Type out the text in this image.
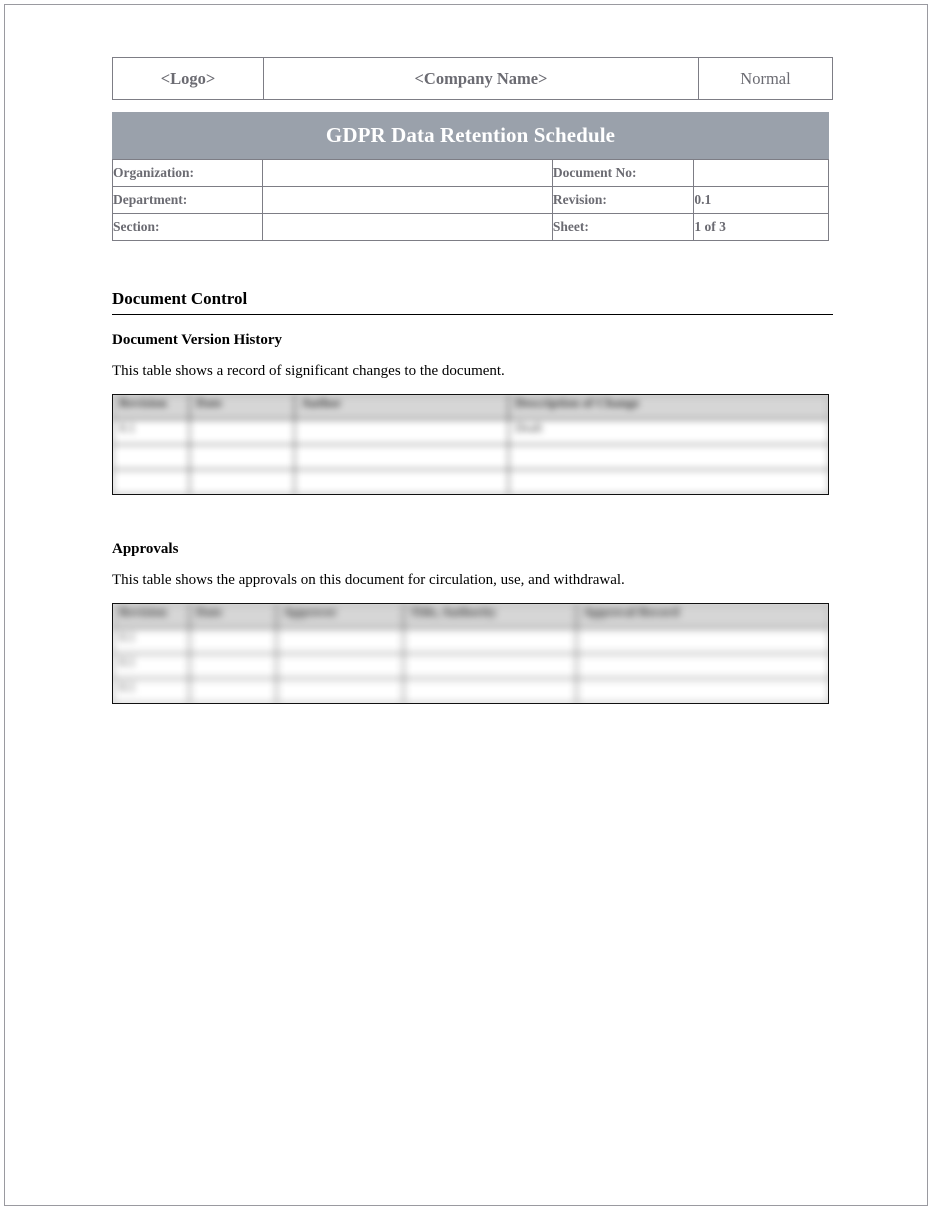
<Logo>	<Company Name>	Normal
GDPR Data Retention Schedule
Organization:		Document No:	
Department:		Revision:	0.1
Section:		Sheet:	1 of 3
Document Control
Document Version History
This table shows a record of significant changes to the document.
Revision	Date	Author	Description of Change
0.1			Draft

Approvals
This table shows the approvals on this document for circulation, use, and withdrawal.
Revision	Date	Approver	Title, Authority	Approval Record
0.1				
0.1				
0.1				
